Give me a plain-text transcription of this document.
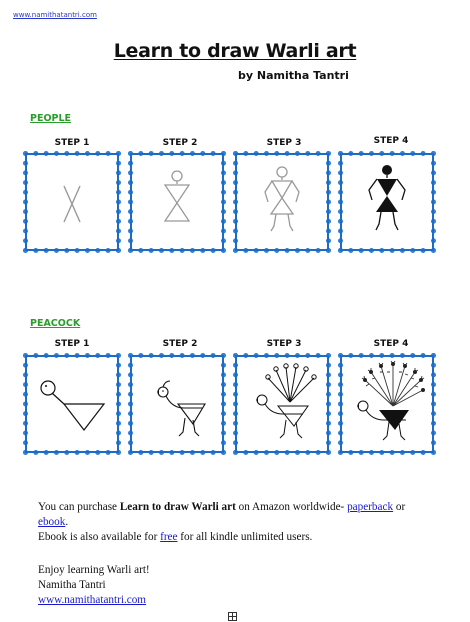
www.namithatantri.com
Learn to draw Warli art
by Namitha Tantri
PEOPLE
STEP 1	STEP 2	STEP 3	STEP 4
PEACOCK
STEP 1	STEP 2	STEP 3	STEP 4
You can purchase Learn to draw Warli art on Amazon worldwide- paperback or
ebook.
Ebook is also available for free for all kindle unlimited users.
Enjoy learning Warli art!
Namitha Tantri
www.namithatantri.com
